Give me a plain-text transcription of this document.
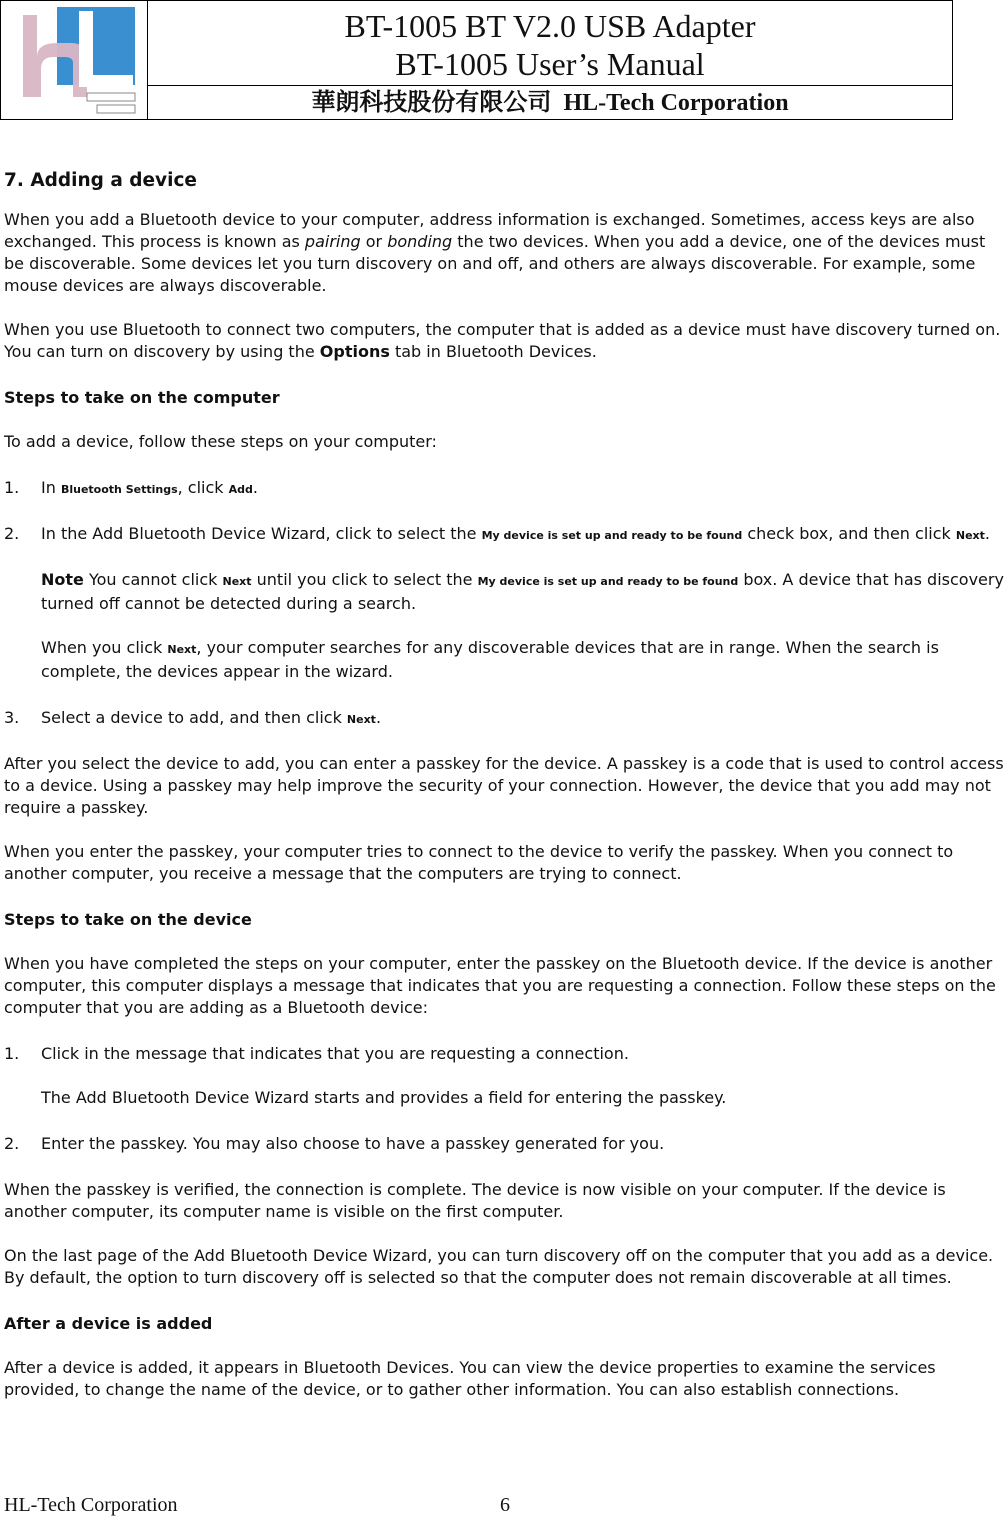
BT-1005 BT V2.0 USB Adapter
BT-1005 User’s Manual
華朗科技股份有限公司 HL-Tech Corporation
7. Adding a device

When you add a Bluetooth device to your computer, address information is exchanged. Sometimes, access keys are also exchanged. This process is known as pairing or bonding the two devices. When you add a device, one of the devices must be discoverable. Some devices let you turn discovery on and off, and others are always discoverable. For example, some mouse devices are always discoverable.

When you use Bluetooth to connect two computers, the computer that is added as a device must have discovery turned on. You can turn on discovery by using the Options tab in Bluetooth Devices.

Steps to take on the computer

To add a device, follow these steps on your computer:

1.	In Bluetooth Settings, click Add.
2.	In the Add Bluetooth Device Wizard, click to select the My device is set up and ready to be found check box, and then click Next.

Note You cannot click Next until you click to select the My device is set up and ready to be found box. A device that has discovery turned off cannot be detected during a search.

When you click Next, your computer searches for any discoverable devices that are in range. When the search is complete, the devices appear in the wizard.

3.	Select a device to add, and then click Next.

After you select the device to add, you can enter a passkey for the device. A passkey is a code that is used to control access to a device. Using a passkey may help improve the security of your connection. However, the device that you add may not require a passkey.

When you enter the passkey, your computer tries to connect to the device to verify the passkey. When you connect to another computer, you receive a message that the computers are trying to connect.

Steps to take on the device

When you have completed the steps on your computer, enter the passkey on the Bluetooth device. If the device is another computer, this computer displays a message that indicates that you are requesting a connection. Follow these steps on the computer that you are adding as a Bluetooth device:

1.	Click in the message that indicates that you are requesting a connection.

The Add Bluetooth Device Wizard starts and provides a field for entering the passkey.

2.	Enter the passkey. You may also choose to have a passkey generated for you.

When the passkey is verified, the connection is complete. The device is now visible on your computer. If the device is another computer, its computer name is visible on the first computer.

On the last page of the Add Bluetooth Device Wizard, you can turn discovery off on the computer that you add as a device. By default, the option to turn discovery off is selected so that the computer does not remain discoverable at all times.

After a device is added

After a device is added, it appears in Bluetooth Devices. You can view the device properties to examine the services provided, to change the name of the device, or to gather other information. You can also establish connections.

HL-Tech Corporation	6
